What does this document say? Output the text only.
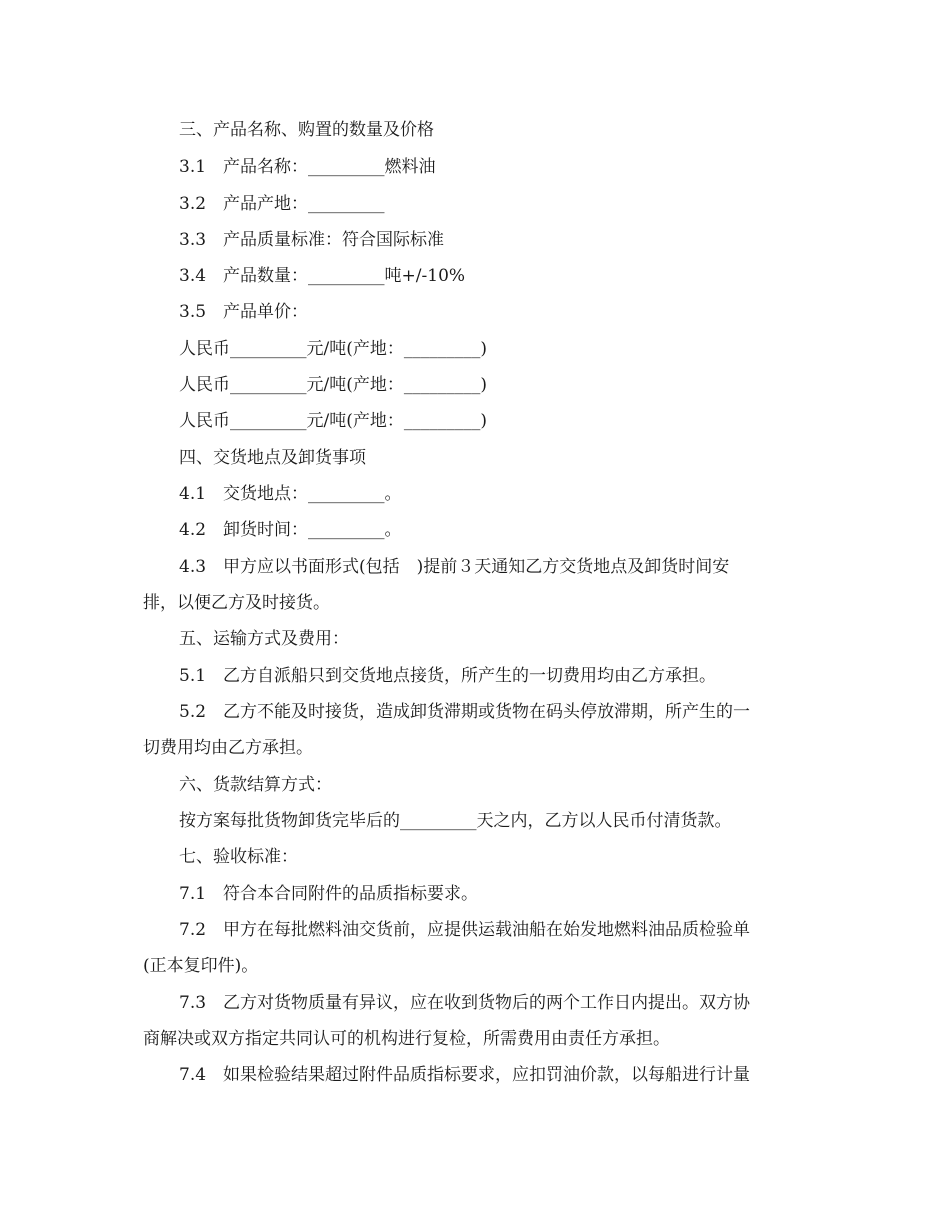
三、产品名称、购置的数量及价格
3.1　产品名称：_________燃料油
3.2　产品产地：_________
3.3　产品质量标准：符合国际标准
3.4　产品数量：_________吨+/-10%
3.5　产品单价：
人民币_________元/吨(产地：_________)
人民币_________元/吨(产地：_________)
人民币_________元/吨(产地：_________)
四、交货地点及卸货事项
4.1　交货地点：_________。
4.2　卸货时间：_________。
4.3　甲方应以书面形式(包括　)提前３天通知乙方交货地点及卸货时间安
排，以便乙方及时接货。
五、运输方式及费用：
5.1　乙方自派船只到交货地点接货，所产生的一切费用均由乙方承担。
5.2　乙方不能及时接货，造成卸货滞期或货物在码头停放滞期，所产生的一
切费用均由乙方承担。
六、货款结算方式：
按方案每批货物卸货完毕后的_________天之内，乙方以人民币付清货款。
七、验收标准：
7.1　符合本合同附件的品质指标要求。
7.2　甲方在每批燃料油交货前，应提供运载油船在始发地燃料油品质检验单
(正本复印件)。
7.3　乙方对货物质量有异议，应在收到货物后的两个工作日内提出。双方协
商解决或双方指定共同认可的机构进行复检，所需费用由责任方承担。
7.4　如果检验结果超过附件品质指标要求，应扣罚油价款，以每船进行计量
